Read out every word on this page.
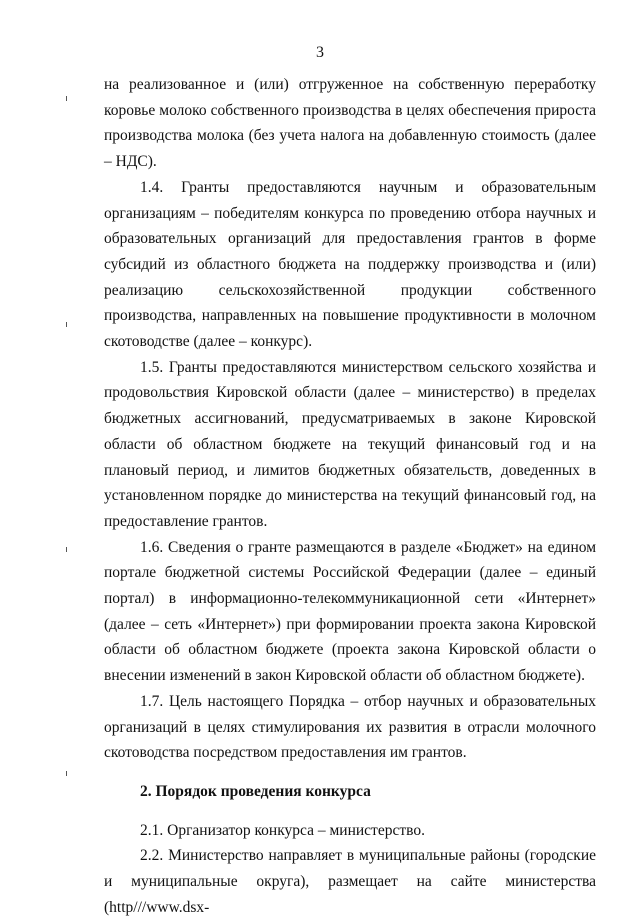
3

на реализованное и (или) отгруженное на собственную переработку коровье молоко собственного производства в целях обеспечения прироста производства молока (без учета налога на добавленную стоимость (далее – НДС).

1.4. Гранты предоставляются научным и образовательным организациям – победителям конкурса по проведению отбора научных и образовательных организаций для предоставления грантов в форме субсидий из областного бюджета на поддержку производства и (или) реализацию сельскохозяйственной продукции собственного производства, направленных на повышение продуктивности в молочном скотоводстве (далее – конкурс).

1.5. Гранты предоставляются министерством сельского хозяйства и продовольствия Кировской области (далее – министерство) в пределах бюджетных ассигнований, предусматриваемых в законе Кировской области об областном бюджете на текущий финансовый год и на плановый период, и лимитов бюджетных обязательств, доведенных в установленном порядке до министерства на текущий финансовый год, на предоставление грантов.

1.6. Сведения о гранте размещаются в разделе «Бюджет» на едином портале бюджетной системы Российской Федерации (далее – единый портал) в информационно-телекоммуникационной сети «Интернет» (далее – сеть «Интернет») при формировании проекта закона Кировской области об областном бюджете (проекта закона Кировской области о внесении изменений в закон Кировской области об областном бюджете).

1.7. Цель настоящего Порядка – отбор научных и образовательных организаций в целях стимулирования их развития в отрасли молочного скотоводства посредством предоставления им грантов.

2. Порядок проведения конкурса

2.1. Организатор конкурса – министерство.

2.2. Министерство направляет в муниципальные районы (городские и муниципальные округа), размещает на сайте министерства (http///www.dsx-
